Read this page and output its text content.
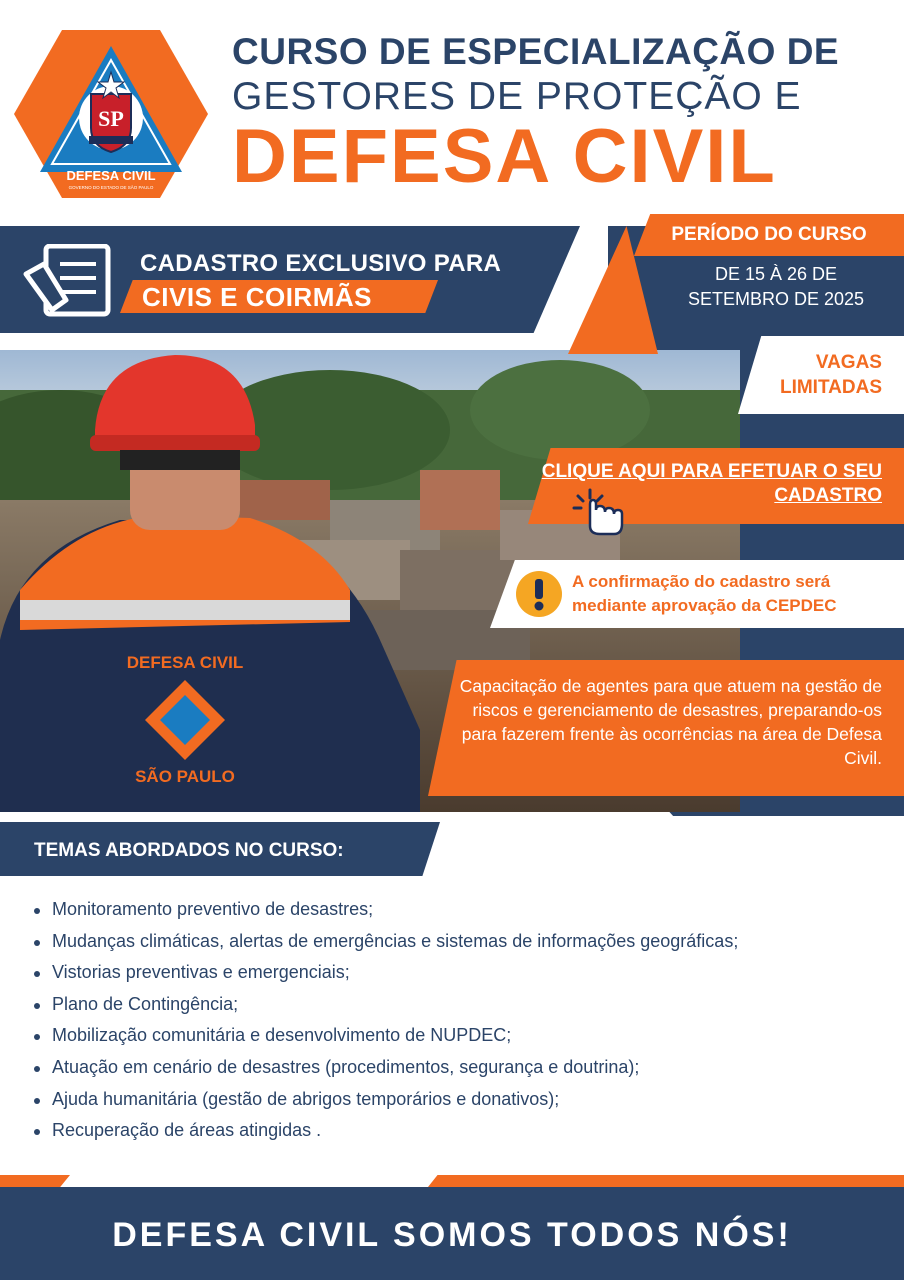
SP
DEFESA CIVIL
GOVERNO DO ESTADO DE SÃO PAULO
CURSO DE ESPECIALIZAÇÃO DE
GESTORES DE PROTEÇÃO E
DEFESA CIVIL
DEFESA CIVIL
SÃO PAULO
CADASTRO EXCLUSIVO PARA
CIVIS E COIRMÃS
PERÍODO DO CURSO
DE 15 À 26 DE SETEMBRO DE 2025
VAGAS LIMITADAS
CLIQUE AQUI PARA EFETUAR O SEU CADASTRO
A confirmação do cadastro será
mediante aprovação da CEPDEC
Capacitação de agentes para que atuem na gestão de riscos e gerenciamento de desastres, preparando-os para fazerem frente às ocorrências na área de Defesa Civil.
TEMAS ABORDADOS NO CURSO:
Monitoramento preventivo de desastres;
Mudanças climáticas, alertas de emergências e sistemas de informações geográficas;
Vistorias preventivas e emergenciais;
Plano de Contingência;
Mobilização comunitária e desenvolvimento de NUPDEC;
Atuação em cenário de desastres (procedimentos, segurança e doutrina);
Ajuda humanitária (gestão de abrigos temporários e donativos);
Recuperação de áreas atingidas .
DEFESA CIVIL SOMOS TODOS NÓS!
